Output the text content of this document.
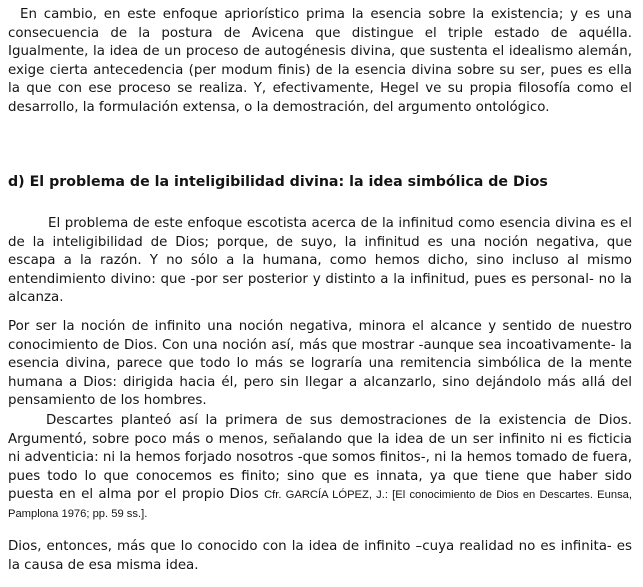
En cambio, en este enfoque apriorístico prima la esencia sobre la existencia; y es una consecuencia de la postura de Avicena que distingue el triple estado de aquélla. Igualmente, la idea de un proceso de autogénesis divina, que sustenta el idealismo alemán, exige cierta antecedencia (per modum finis) de la esencia divina sobre su ser, pues es ella la que con ese proceso se realiza. Y, efectivamente, Hegel ve su propia filosofía como el desarrollo, la formulación extensa, o la demostración, del argumento ontológico.

d) El problema de la inteligibilidad divina: la idea simbólica de Dios

El problema de este enfoque escotista acerca de la infinitud como esencia divina es el de la inteligibilidad de Dios; porque, de suyo, la infinitud es una noción negativa, que escapa a la razón. Y no sólo a la humana, como hemos dicho, sino incluso al mismo entendimiento divino: que -por ser posterior y distinto a la infinitud, pues es personal- no la alcanza.

Por ser la noción de infinito una noción negativa, minora el alcance y sentido de nuestro conocimiento de Dios. Con una noción así, más que mostrar -aunque sea incoativamente- la esencia divina, parece que todo lo más se lograría una remitencia simbólica de la mente humana a Dios: dirigida hacia él, pero sin llegar a alcanzarlo, sino dejándolo más allá del pensamiento de los hombres.

Descartes planteó así la primera de sus demostraciones de la existencia de Dios. Argumentó, sobre poco más o menos, señalando que la idea de un ser infinito ni es ficticia ni adventicia: ni la hemos forjado nosotros -que somos finitos-, ni la hemos tomado de fuera, pues todo lo que conocemos es finito; sino que es innata, ya que tiene que haber sido puesta en el alma por el propio Dios Cfr. GARCÍA LÓPEZ, J.: [El conocimiento de Dios en Descartes. Eunsa, Pamplona 1976; pp. 59 ss.].

Dios, entonces, más que lo conocido con la idea de infinito –cuya realidad no es infinita- es la causa de esa misma idea.
